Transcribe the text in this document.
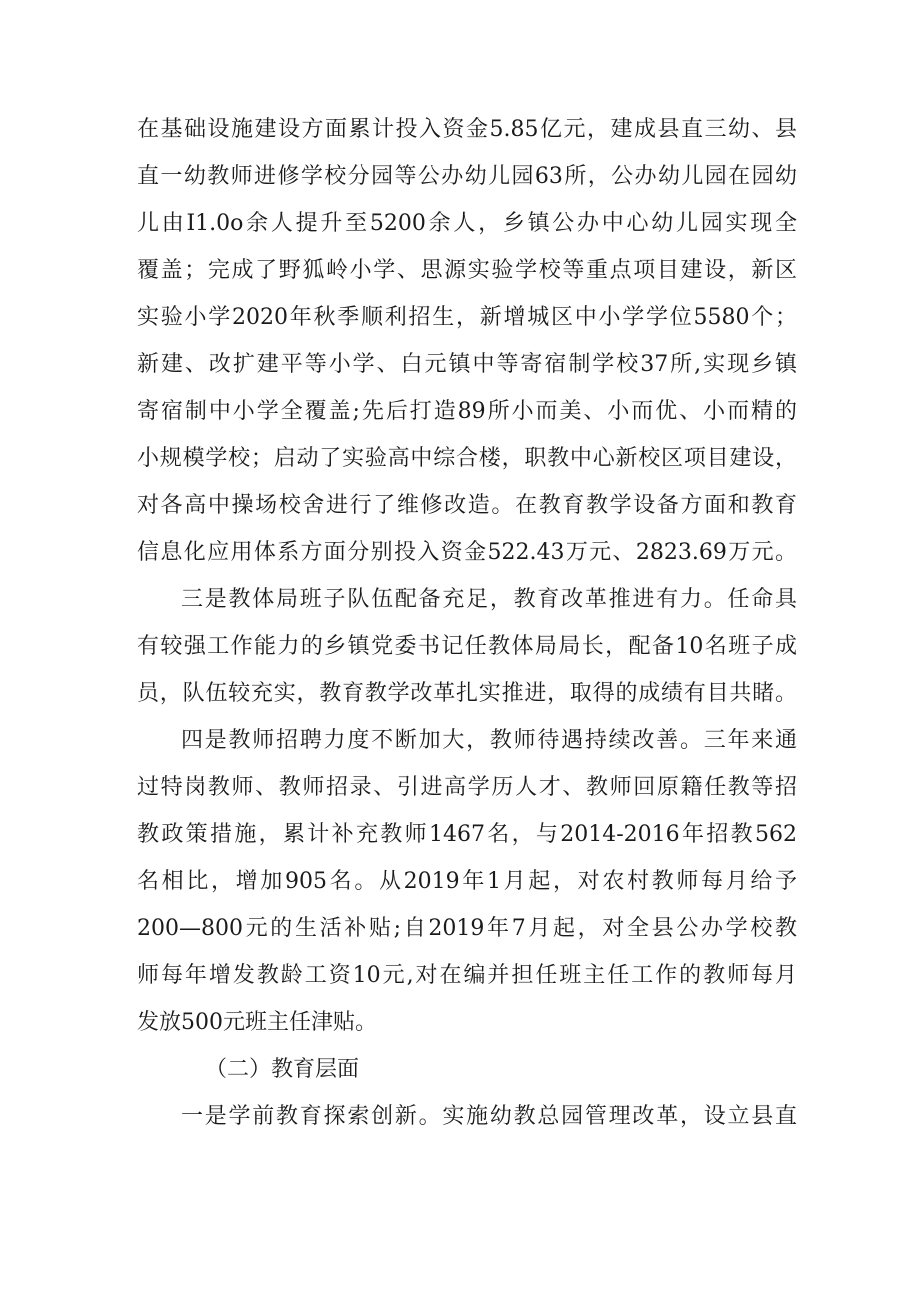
在基础设施建设方面累计投入资金5.85亿元，建成县直三幼、县
直一幼教师进修学校分园等公办幼儿园63所，公办幼儿园在园幼
儿由I1.0o余人提升至5200余人，乡镇公办中心幼儿园实现全
覆盖；完成了野狐岭小学、思源实验学校等重点项目建设，新区
实验小学2020年秋季顺利招生，新增城区中小学学位5580个；
新建、改扩建平等小学、白元镇中等寄宿制学校37所,实现乡镇
寄宿制中小学全覆盖;先后打造89所小而美、小而优、小而精的
小规模学校；启动了实验高中综合楼，职教中心新校区项目建设，
对各高中操场校舍进行了维修改造。在教育教学设备方面和教育
信息化应用体系方面分别投入资金522.43万元、2823.69万元。
三是教体局班子队伍配备充足，教育改革推进有力。任命具
有较强工作能力的乡镇党委书记任教体局局长，配备10名班子成
员，队伍较充实，教育教学改革扎实推进，取得的成绩有目共睹。
四是教师招聘力度不断加大，教师待遇持续改善。三年来通
过特岗教师、教师招录、引进高学历人才、教师回原籍任教等招
教政策措施，累计补充教师1467名，与2014-2016年招教562
名相比，增加905名。从2019年1月起，对农村教师每月给予
200—800元的生活补贴;自2019年7月起，对全县公办学校教
师每年增发教龄工资10元,对在编并担任班主任工作的教师每月
发放500元班主任津贴。
（二）教育层面
一是学前教育探索创新。实施幼教总园管理改革，设立县直
